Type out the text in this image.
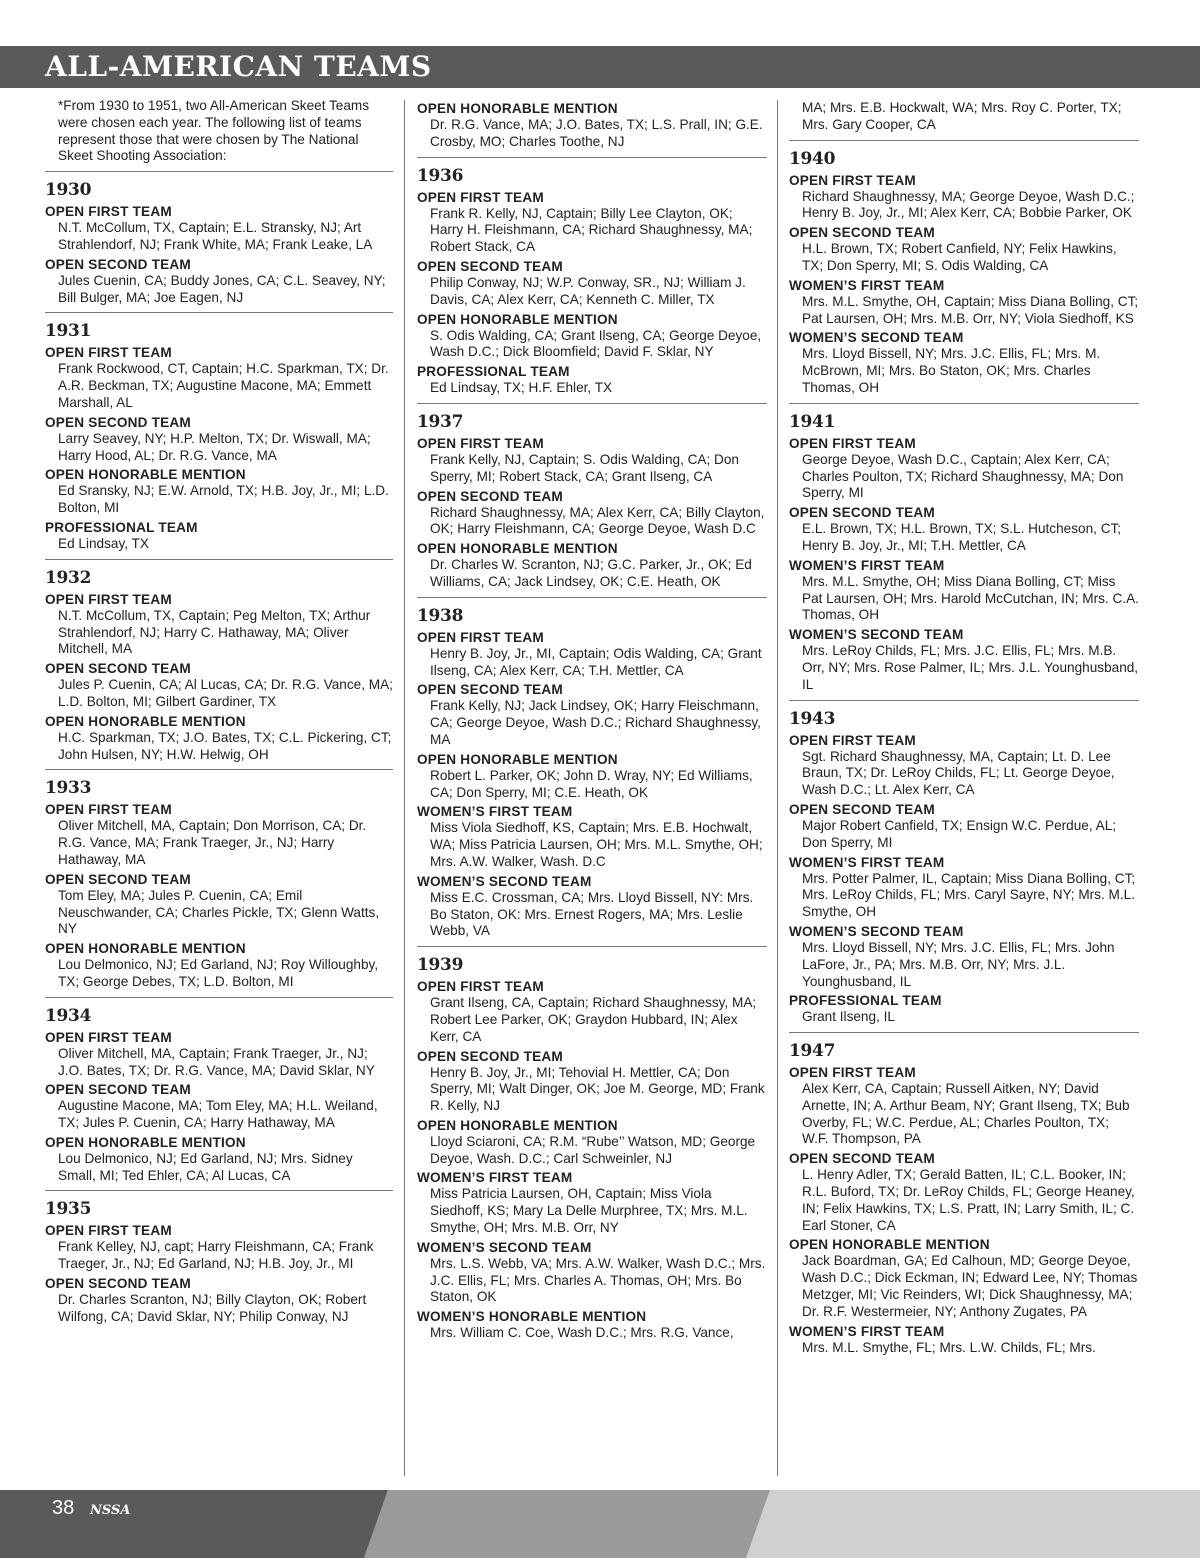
ALL-AMERICAN TEAMS
*From 1930 to 1951, two All-American Skeet Teams were chosen each year. The following list of teams represent those that were chosen by The National Skeet Shooting Association:
1930
OPEN FIRST TEAM
N.T. McCollum, TX, Captain; E.L. Stransky, NJ; Art Strahlendorf, NJ; Frank White, MA; Frank Leake, LA
OPEN SECOND TEAM
Jules Cuenin, CA; Buddy Jones, CA; C.L. Seavey, NY; Bill Bulger, MA; Joe Eagen, NJ
1931
OPEN FIRST TEAM
Frank Rockwood, CT, Captain; H.C. Sparkman, TX; Dr. A.R. Beckman, TX; Augustine Macone, MA; Emmett Marshall, AL
OPEN SECOND TEAM
Larry Seavey, NY; H.P. Melton, TX; Dr. Wiswall, MA; Harry Hood, AL; Dr. R.G. Vance, MA
OPEN HONORABLE MENTION
Ed Sransky, NJ; E.W. Arnold, TX; H.B. Joy, Jr., MI; L.D. Bolton, MI
PROFESSIONAL TEAM
Ed Lindsay, TX
1932
OPEN FIRST TEAM
N.T. McCollum, TX, Captain; Peg Melton, TX; Arthur Strahlendorf, NJ; Harry C. Hathaway, MA; Oliver Mitchell, MA
OPEN SECOND TEAM
Jules P. Cuenin, CA; Al Lucas, CA; Dr. R.G. Vance, MA; L.D. Bolton, MI; Gilbert Gardiner, TX
OPEN HONORABLE MENTION
H.C. Sparkman, TX; J.O. Bates, TX; C.L. Pickering, CT; John Hulsen, NY; H.W. Helwig, OH
1933
OPEN FIRST TEAM
Oliver Mitchell, MA, Captain; Don Morrison, CA; Dr. R.G. Vance, MA; Frank Traeger, Jr., NJ; Harry Hathaway, MA
OPEN SECOND TEAM
Tom Eley, MA; Jules P. Cuenin, CA; Emil Neuschwander, CA; Charles Pickle, TX; Glenn Watts, NY
OPEN HONORABLE MENTION
Lou Delmonico, NJ; Ed Garland, NJ; Roy Willoughby, TX; George Debes, TX; L.D. Bolton, MI
1934
OPEN FIRST TEAM
Oliver Mitchell, MA, Captain; Frank Traeger, Jr., NJ; J.O. Bates, TX; Dr. R.G. Vance, MA; David Sklar, NY
OPEN SECOND TEAM
Augustine Macone, MA; Tom Eley, MA; H.L. Weiland, TX; Jules P. Cuenin, CA; Harry Hathaway, MA
OPEN HONORABLE MENTION
Lou Delmonico, NJ; Ed Garland, NJ; Mrs. Sidney Small, MI; Ted Ehler, CA; Al Lucas, CA
1935
OPEN FIRST TEAM
Frank Kelley, NJ, capt; Harry Fleishmann, CA; Frank Traeger, Jr., NJ; Ed Garland, NJ; H.B. Joy, Jr., MI
OPEN SECOND TEAM
Dr. Charles Scranton, NJ; Billy Clayton, OK; Robert Wilfong, CA; David Sklar, NY; Philip Conway, NJ
OPEN HONORABLE MENTION
Dr. R.G. Vance, MA; J.O. Bates, TX; L.S. Prall, IN; G.E. Crosby, MO; Charles Toothe, NJ
1936
OPEN FIRST TEAM
Frank R. Kelly, NJ, Captain; Billy Lee Clayton, OK; Harry H. Fleishmann, CA; Richard Shaughnessy, MA; Robert Stack, CA
OPEN SECOND TEAM
Philip Conway, NJ; W.P. Conway, SR., NJ; William J. Davis, CA; Alex Kerr, CA; Kenneth C. Miller, TX
OPEN HONORABLE MENTION
S. Odis Walding, CA; Grant Ilseng, CA; George Deyoe, Wash D.C.; Dick Bloomfield; David F. Sklar, NY
PROFESSIONAL TEAM
Ed Lindsay, TX; H.F. Ehler, TX
1937
OPEN FIRST TEAM
Frank Kelly, NJ, Captain; S. Odis Walding, CA; Don Sperry, MI; Robert Stack, CA; Grant Ilseng, CA
OPEN SECOND TEAM
Richard Shaughnessy, MA; Alex Kerr, CA; Billy Clayton, OK; Harry Fleishmann, CA; George Deyoe, Wash D.C
OPEN HONORABLE MENTION
Dr. Charles W. Scranton, NJ; G.C. Parker, Jr., OK; Ed Williams, CA; Jack Lindsey, OK; C.E. Heath, OK
1938
OPEN FIRST TEAM
Henry B. Joy, Jr., MI, Captain; Odis Walding, CA; Grant Ilseng, CA; Alex Kerr, CA; T.H. Mettler, CA
OPEN SECOND TEAM
Frank Kelly, NJ; Jack Lindsey, OK; Harry Fleischmann, CA; George Deyoe, Wash D.C.; Richard Shaughnessy, MA
OPEN HONORABLE MENTION
Robert L. Parker, OK; John D. Wray, NY; Ed Williams, CA; Don Sperry, MI; C.E. Heath, OK
WOMEN’S FIRST TEAM
Miss Viola Siedhoff, KS, Captain; Mrs. E.B. Hochwalt, WA; Miss Patricia Laursen, OH; Mrs. M.L. Smythe, OH; Mrs. A.W. Walker, Wash. D.C
WOMEN’S SECOND TEAM
Miss E.C. Crossman, CA; Mrs. Lloyd Bissell, NY: Mrs. Bo Staton, OK: Mrs. Ernest Rogers, MA; Mrs. Leslie Webb, VA
1939
OPEN FIRST TEAM
Grant Ilseng, CA, Captain; Richard Shaughnessy, MA; Robert Lee Parker, OK; Graydon Hubbard, IN; Alex Kerr, CA
OPEN SECOND TEAM
Henry B. Joy, Jr., MI; Tehovial H. Mettler, CA; Don Sperry, MI; Walt Dinger, OK; Joe M. George, MD; Frank R. Kelly, NJ
OPEN HONORABLE MENTION
Lloyd Sciaroni, CA; R.M. “Rube’’ Watson, MD; George Deyoe, Wash. D.C.; Carl Schweinler, NJ
WOMEN’S FIRST TEAM
Miss Patricia Laursen, OH, Captain; Miss Viola Siedhoff, KS; Mary La Delle Murphree, TX; Mrs. M.L. Smythe, OH; Mrs. M.B. Orr, NY
WOMEN’S SECOND TEAM
Mrs. L.S. Webb, VA; Mrs. A.W. Walker, Wash D.C.; Mrs. J.C. Ellis, FL; Mrs. Charles A. Thomas, OH; Mrs. Bo Staton, OK
WOMEN’S HONORABLE MENTION
Mrs. William C. Coe, Wash D.C.; Mrs. R.G. Vance,
MA; Mrs. E.B. Hockwalt, WA; Mrs. Roy C. Porter, TX; Mrs. Gary Cooper, CA
1940
OPEN FIRST TEAM
Richard Shaughnessy, MA; George Deyoe, Wash D.C.; Henry B. Joy, Jr., MI; Alex Kerr, CA; Bobbie Parker, OK
OPEN SECOND TEAM
H.L. Brown, TX; Robert Canfield, NY; Felix Hawkins, TX; Don Sperry, MI; S. Odis Walding, CA
WOMEN’S FIRST TEAM
Mrs. M.L. Smythe, OH, Captain; Miss Diana Bolling, CT; Pat Laursen, OH; Mrs. M.B. Orr, NY; Viola Siedhoff, KS
WOMEN’S SECOND TEAM
Mrs. Lloyd Bissell, NY; Mrs. J.C. Ellis, FL; Mrs. M. McBrown, MI; Mrs. Bo Staton, OK; Mrs. Charles Thomas, OH
1941
OPEN FIRST TEAM
George Deyoe, Wash D.C., Captain; Alex Kerr, CA; Charles Poulton, TX; Richard Shaughnessy, MA; Don Sperry, MI
OPEN SECOND TEAM
E.L. Brown, TX; H.L. Brown, TX; S.L. Hutcheson, CT; Henry B. Joy, Jr., MI; T.H. Mettler, CA
WOMEN’S FIRST TEAM
Mrs. M.L. Smythe, OH; Miss Diana Bolling, CT; Miss Pat Laursen, OH; Mrs. Harold McCutchan, IN; Mrs. C.A. Thomas, OH
WOMEN’S SECOND TEAM
Mrs. LeRoy Childs, FL; Mrs. J.C. Ellis, FL; Mrs. M.B. Orr, NY; Mrs. Rose Palmer, IL; Mrs. J.L. Younghusband, IL
1943
OPEN FIRST TEAM
Sgt. Richard Shaughnessy, MA, Captain; Lt. D. Lee Braun, TX; Dr. LeRoy Childs, FL; Lt. George Deyoe, Wash D.C.; Lt. Alex Kerr, CA
OPEN SECOND TEAM
Major Robert Canfield, TX; Ensign W.C. Perdue, AL; Don Sperry, MI
WOMEN’S FIRST TEAM
Mrs. Potter Palmer, IL, Captain; Miss Diana Bolling, CT; Mrs. LeRoy Childs, FL; Mrs. Caryl Sayre, NY; Mrs. M.L. Smythe, OH
WOMEN’S SECOND TEAM
Mrs. Lloyd Bissell, NY; Mrs. J.C. Ellis, FL; Mrs. John LaFore, Jr., PA; Mrs. M.B. Orr, NY; Mrs. J.L. Younghusband, IL
PROFESSIONAL TEAM
Grant Ilseng, IL
1947
OPEN FIRST TEAM
Alex Kerr, CA, Captain; Russell Aitken, NY; David Arnette, IN; A. Arthur Beam, NY; Grant Ilseng, TX; Bub Overby, FL; W.C. Perdue, AL; Charles Poulton, TX; W.F. Thompson, PA
OPEN SECOND TEAM
L. Henry Adler, TX; Gerald Batten, IL; C.L. Booker, IN; R.L. Buford, TX; Dr. LeRoy Childs, FL; George Heaney, IN; Felix Hawkins, TX; L.S. Pratt, IN; Larry Smith, IL; C. Earl Stoner, CA
OPEN HONORABLE MENTION
Jack Boardman, GA; Ed Calhoun, MD; George Deyoe, Wash D.C.; Dick Eckman, IN; Edward Lee, NY; Thomas Metzger, MI; Vic Reinders, WI; Dick Shaughnessy, MA; Dr. R.F. Westermeier, NY; Anthony Zugates, PA
WOMEN’S FIRST TEAM
Mrs. M.L. Smythe, FL; Mrs. L.W. Childs, FL; Mrs.
38 NSSA
